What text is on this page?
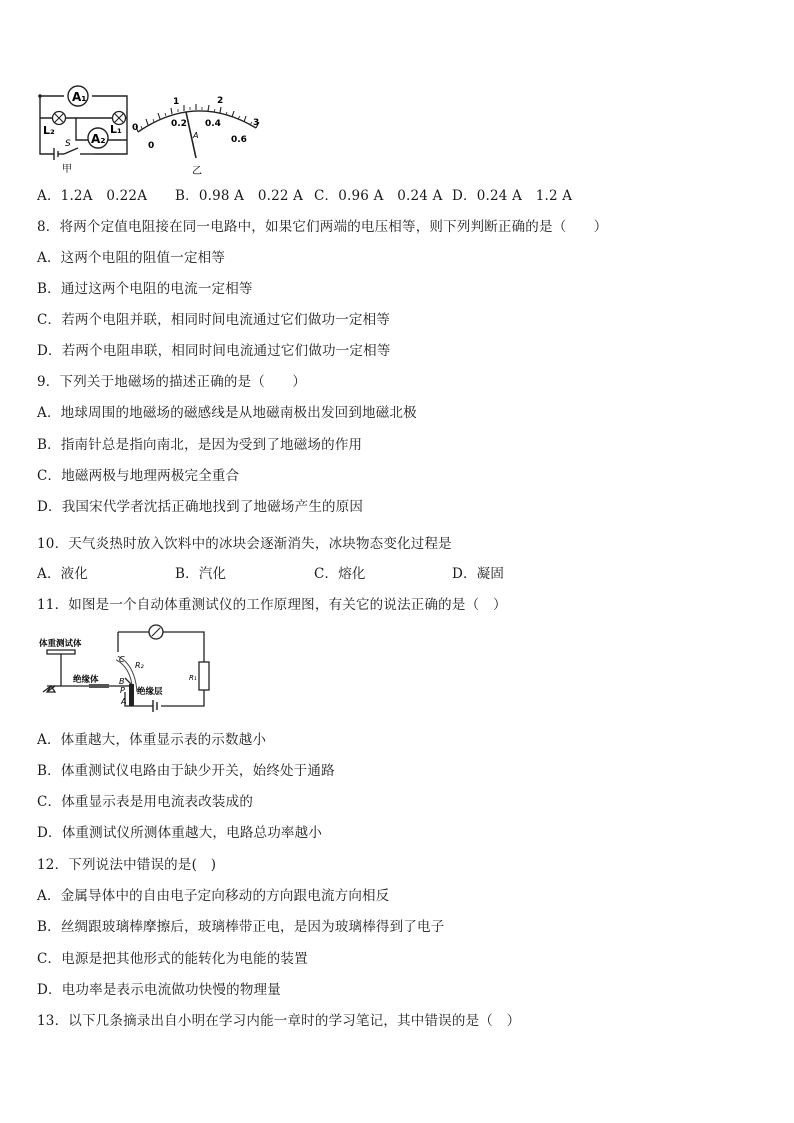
A₁
A₂
L₂	L₁
S
甲
0
1	2
3
0
0.2 0.4
0.6
A
乙
A．1.2A　0.22A B．0.98 A　0.22 A C．0.96 A　0.24 A D．0.24 A　1.2 A
8．将两个定值电阻接在同一电路中，如果它们两端的电压相等，则下列判断正确的是（　　）
A．这两个电阻的阻值一定相等
B．通过这两个电阻的电流一定相等
C．若两个电阻并联，相同时间电流通过它们做功一定相等
D．若两个电阻串联，相同时间电流通过它们做功一定相等
9．下列关于地磁场的描述正确的是（　　）
A．地球周围的地磁场的磁感线是从地磁南极出发回到地磁北极
B．指南针总是指向南北，是因为受到了地磁场的作用
C．地磁两极与地理两极完全重合
D．我国宋代学者沈括正确地找到了地磁场产生的原因
10．天气炎热时放入饮料中的冰块会逐渐消失，冰块物态变化过程是
A．液化	B．汽化	C．熔化	D．凝固
11．如图是一个自动体重测试仪的工作原理图，有关它的说法正确的是（　）
体重测试体
绝缘体
绝缘层
R₂
R₁
C
B
P
A
A．体重越大，体重显示表的示数越小
B．体重测试仪电路由于缺少开关，始终处于通路
C．体重显示表是用电流表改装成的
D．体重测试仪所测体重越大，电路总功率越小
12．下列说法中错误的是(　)
A．金属导体中的自由电子定向移动的方向跟电流方向相反
B．丝绸跟玻璃棒摩擦后，玻璃棒带正电，是因为玻璃棒得到了电子
C．电源是把其他形式的能转化为电能的装置
D．电功率是表示电流做功快慢的物理量
13．以下几条摘录出自小明在学习内能一章时的学习笔记，其中错误的是（　）
